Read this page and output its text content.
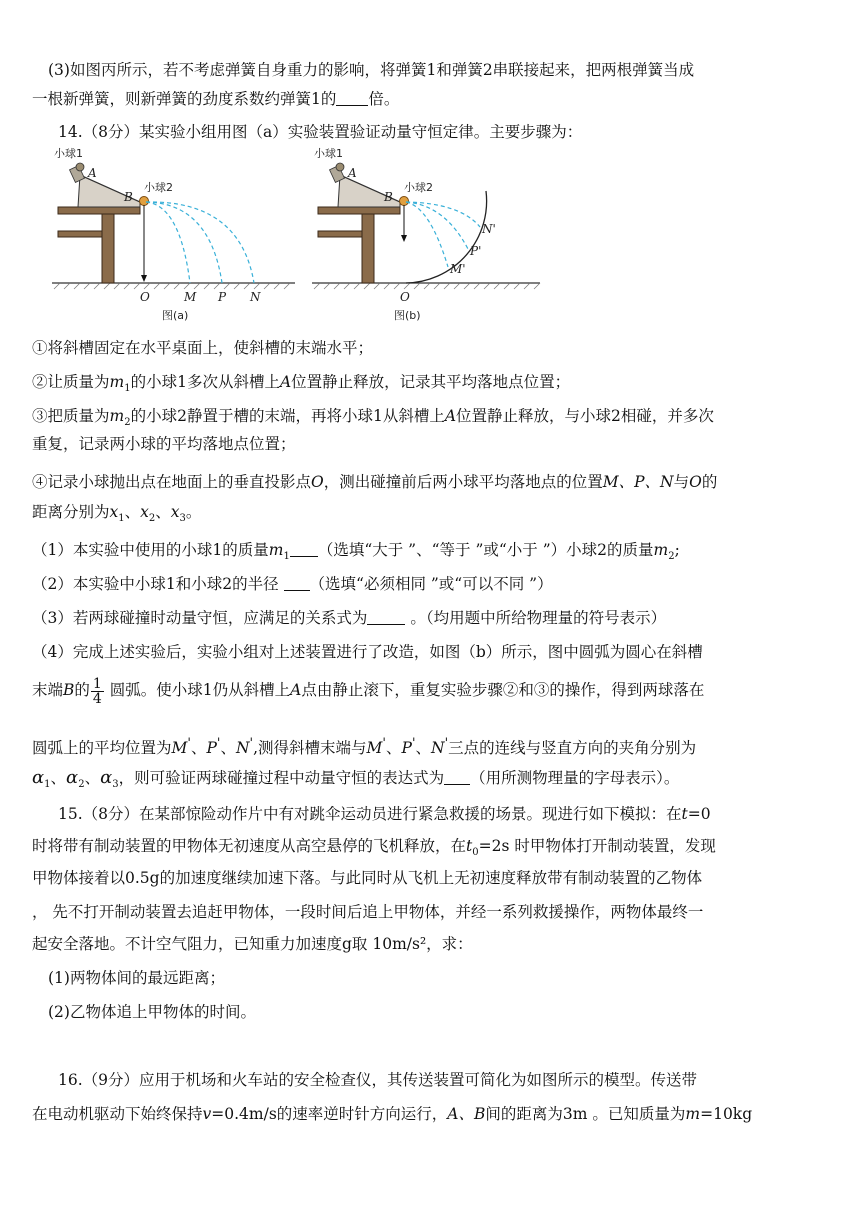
(3)如图丙所示，若不考虑弹簧自身重力的影响，将弹簧1和弹簧2串联接起来，把两根弹簧当成
一根新弹簧，则新弹簧的劲度系数约弹簧1的 倍。
14.（8分）某实验小组用图（a）实验装置验证动量守恒定律。主要步骤为：
小球1
A
B
小球2
O	M P N
图(a)
小球1
A
B
小球2
O
M'
P'
N'
图(b)
①将斜槽固定在水平桌面上，使斜槽的末端水平；
②让质量为$m_1$的小球1多次从斜槽上A位置静止释放，记录其平均落地点位置；
③把质量为$m_2$的小球2静置于槽的末端，再将小球1从斜槽上A位置静止释放，与小球2相碰，并多次
重复，记录两小球的平均落地点位置；
④记录小球抛出点在地面上的垂直投影点O，测出碰撞前后两小球平均落地点的位置M、P、N与O的
距离分别为$x_1$、$x_2$、$x_3$。
（1）本实验中使用的小球1的质量$m_1$ （选填“大于 ”、“等于 ”或“小于 ”）小球2的质量$m_2$;
（2）本实验中小球1和小球2的半径 （选填“必须相同 ”或“可以不同 ”）
（3）若两球碰撞时动量守恒，应满足的关系式为	。（均用题中所给物理量的符号表示）
（4）完成上述实验后，实验小组对上述装置进行了改造，如图（b）所示，图中圆弧为圆心在斜槽
末端B的 $\frac{1}{4}$ 圆弧。使小球1仍从斜槽上A点由静止滚下，重复实验步骤②和③的操作，得到两球落在
圆弧上的平均位置为M'、P'、N',测得斜槽末端与M'、P'、N'三点的连线与竖直方向的夹角分别为
$\alpha_1$、$\alpha_2$、$\alpha_3$，则可验证两球碰撞过程中动量守恒的表达式为 （用所测物理量的字母表示）。
15.（8分）在某部惊险动作片中有对跳伞运动员进行紧急救援的场景。现进行如下模拟：在t=0
时将带有制动装置的甲物体无初速度从高空悬停的飞机释放，在$t_0=2s$ 时甲物体打开制动装置，发现
甲物体接着以0.5g的加速度继续加速下落。与此同时从飞机上无初速度释放带有制动装置的乙物体
， 先不打开制动装置去追赶甲物体，一段时间后追上甲物体，并经一系列救援操作，两物体最终一
起安全落地。不计空气阻力，已知重力加速度g取 10m/s²，求：
(1)两物体间的最远距离；
(2)乙物体追上甲物体的时间。
16.（9分）应用于机场和火车站的安全检查仪，其传送装置可简化为如图所示的模型。传送带
在电动机驱动下始终保持v=0.4m/s的速率逆时针方向运行，A、B间的距离为3m 。已知质量为m=10kg
